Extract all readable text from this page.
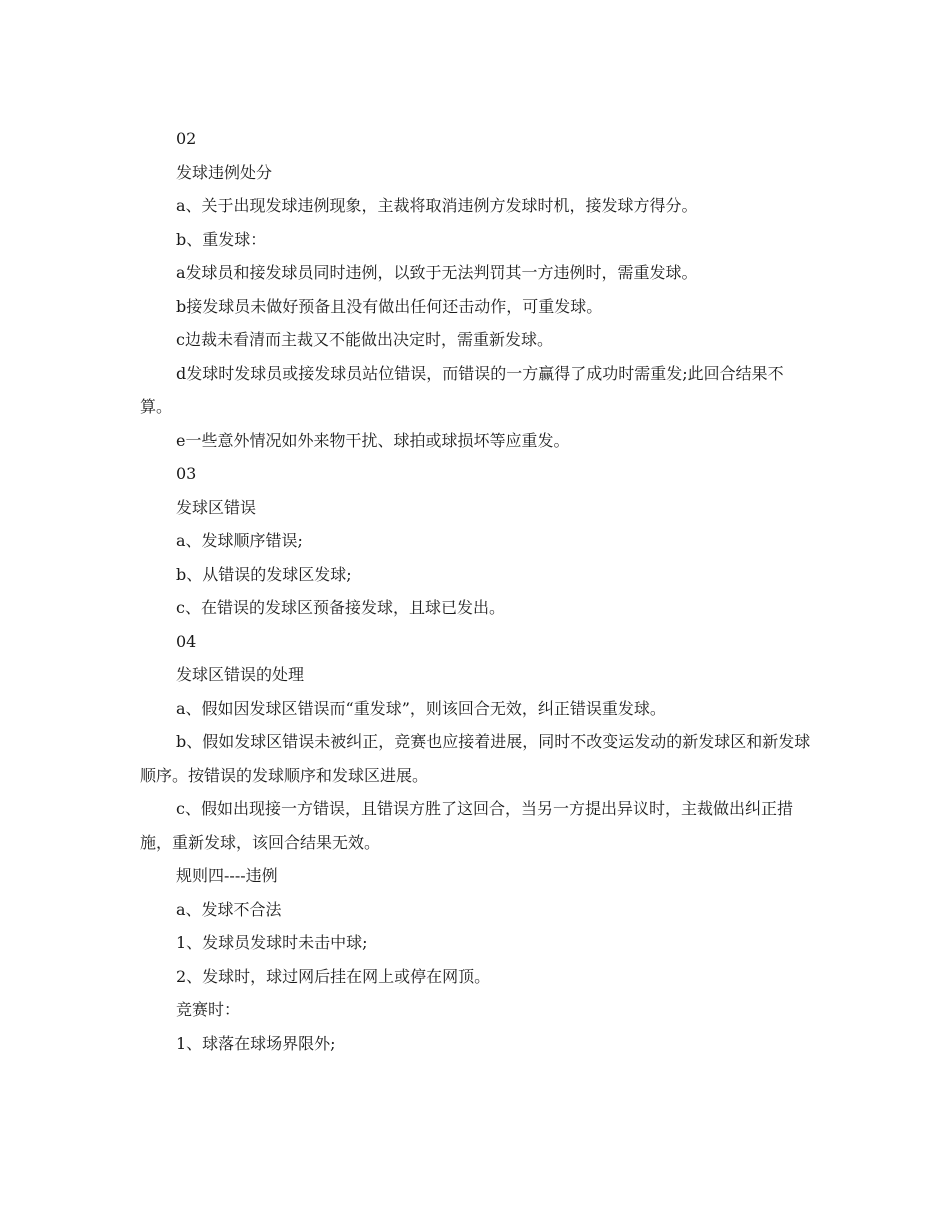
02

发球违例处分

a、关于出现发球违例现象，主裁将取消违例方发球时机，接发球方得分。

b、重发球：

a发球员和接发球员同时违例，以致于无法判罚其一方违例时，需重发球。

b接发球员未做好预备且没有做出任何还击动作，可重发球。

c边裁未看清而主裁又不能做出决定时，需重新发球。

d发球时发球员或接发球员站位错误，而错误的一方赢得了成功时需重发;此回合结果不算。

e一些意外情况如外来物干扰、球拍或球损坏等应重发。

03

发球区错误

a、发球顺序错误;

b、从错误的发球区发球;

c、在错误的发球区预备接发球，且球已发出。

04

发球区错误的处理

a、假如因发球区错误而“重发球”，则该回合无效，纠正错误重发球。

b、假如发球区错误未被纠正，竞赛也应接着进展，同时不改变运发动的新发球区和新发球顺序。按错误的发球顺序和发球区进展。

c、假如出现接一方错误，且错误方胜了这回合，当另一方提出异议时，主裁做出纠正措施，重新发球，该回合结果无效。

规则四----违例

a、发球不合法

1、发球员发球时未击中球;

2、发球时，球过网后挂在网上或停在网顶。

竞赛时：

1、球落在球场界限外;
